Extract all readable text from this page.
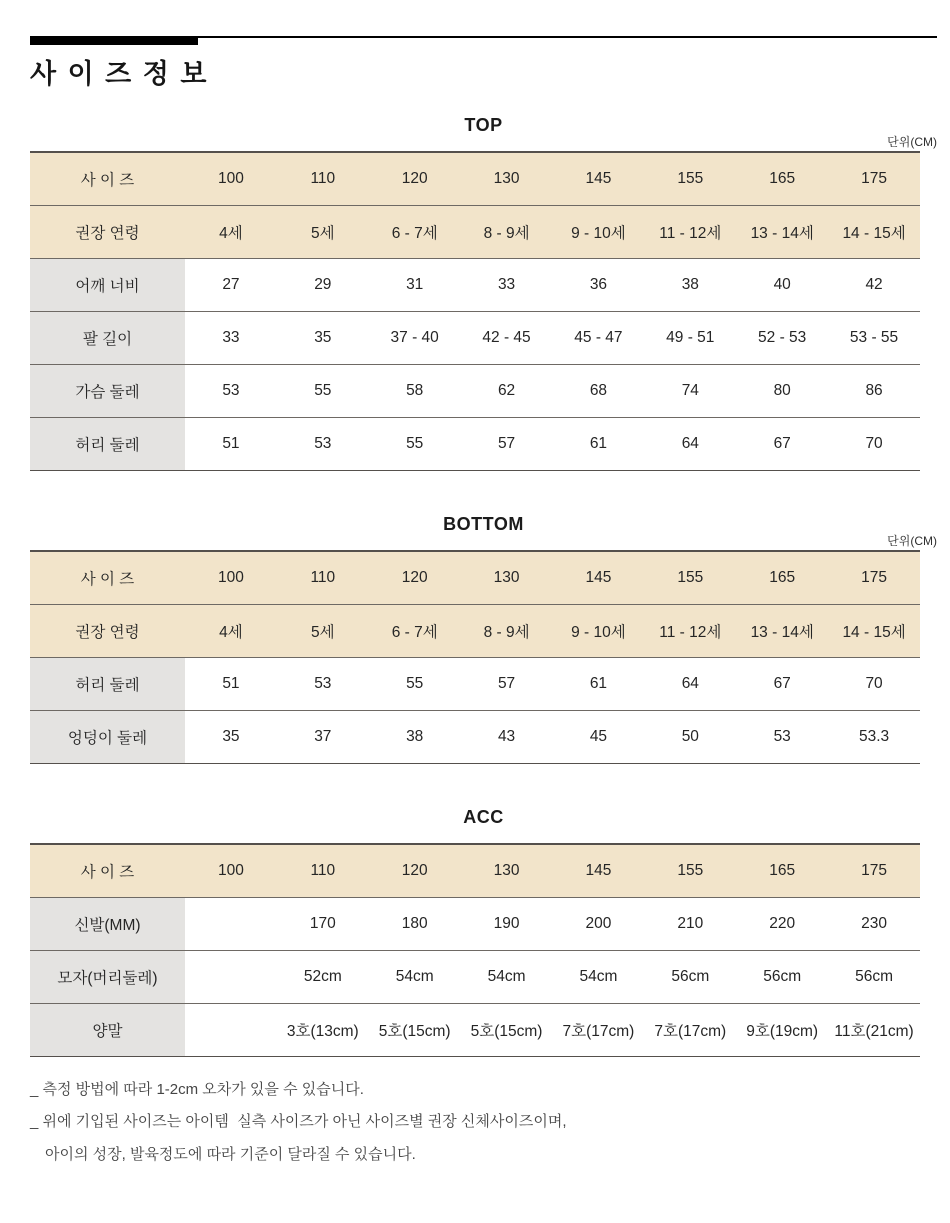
사 이 즈 정 보
TOP
단위(CM)
사 이 즈	100	110	120	130	145	155	165	175
권장 연령	4세	5세	6 - 7세	8 - 9세	9 - 10세	11 - 12세	13 - 14세	14 - 15세
어깨 너비	27	29	31	33	36	38	40	42
팔 길이	33	35	37 - 40	42 - 45	45 - 47	49 - 51	52 - 53	53 - 55
가슴 둘레	53	55	58	62	68	74	80	86
허리 둘레	51	53	55	57	61	64	67	70
BOTTOM
단위(CM)
사 이 즈	100	110	120	130	145	155	165	175
권장 연령	4세	5세	6 - 7세	8 - 9세	9 - 10세	11 - 12세	13 - 14세	14 - 15세
허리 둘레	51	53	55	57	61	64	67	70
엉덩이 둘레	35	37	38	43	45	50	53	53.3
ACC
사 이 즈	100	110	120	130	145	155	165	175
신발(MM)		170	180	190	200	210	220	230
모자(머리둘레)		52cm	54cm	54cm	54cm	56cm	56cm	56cm
양말		3호(13cm)	5호(15cm)	5호(15cm)	7호(17cm)	7호(17cm)	9호(19cm)	11호(21cm)

_ 측정 방법에 따라 1-2cm 오차가 있을 수 있습니다.

_ 위에 기입된 사이즈는 아이템  실측 사이즈가 아닌 사이즈별 권장 신체사이즈이며,

아이의 성장, 발육정도에 따라 기준이 달라질 수 있습니다.
